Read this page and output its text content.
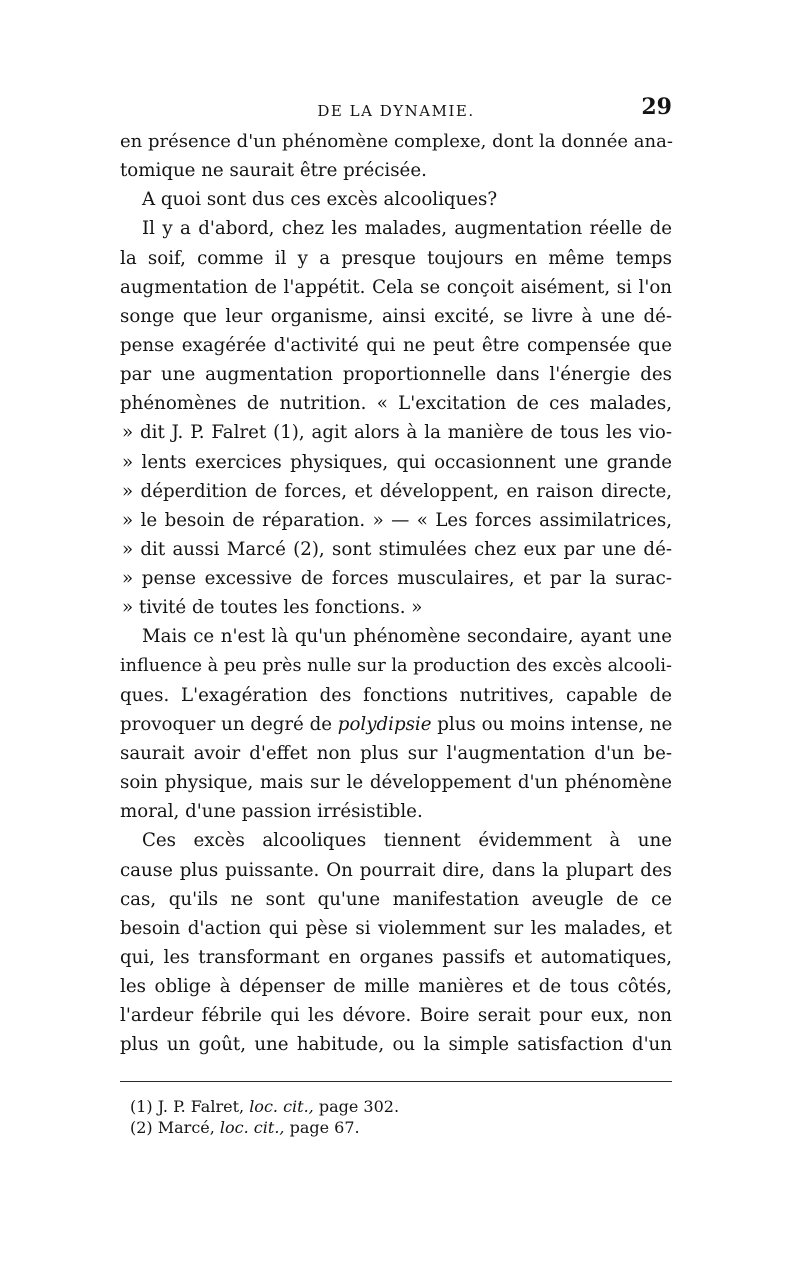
DE LA DYNAMIE.	29
en présence d'un phénomène complexe, dont la donnée ana-
tomique ne saurait être précisée.
A quoi sont dus ces excès alcooliques?
Il y a d'abord, chez les malades, augmentation réelle de
la soif, comme il y a presque toujours en même temps
augmentation de l'appétit. Cela se conçoit aisément, si l'on
songe que leur organisme, ainsi excité, se livre à une dé-
pense exagérée d'activité qui ne peut être compensée que
par une augmentation proportionnelle dans l'énergie des
phénomènes de nutrition. « L'excitation de ces malades,
» dit J. P. Falret (1), agit alors à la manière de tous les vio-
» lents exercices physiques, qui occasionnent une grande
» déperdition de forces, et développent, en raison directe,
» le besoin de réparation. » — « Les forces assimilatrices,
» dit aussi Marcé (2), sont stimulées chez eux par une dé-
» pense excessive de forces musculaires, et par la surac-
» tivité de toutes les fonctions. »
Mais ce n'est là qu'un phénomène secondaire, ayant une
influence à peu près nulle sur la production des excès alcooli-
ques. L'exagération des fonctions nutritives, capable de
provoquer un degré de polydipsie plus ou moins intense, ne
saurait avoir d'effet non plus sur l'augmentation d'un be-
soin physique, mais sur le développement d'un phénomène
moral, d'une passion irrésistible.
Ces excès alcooliques tiennent évidemment à une
cause plus puissante. On pourrait dire, dans la plupart des
cas, qu'ils ne sont qu'une manifestation aveugle de ce
besoin d'action qui pèse si violemment sur les malades, et
qui, les transformant en organes passifs et automatiques,
les oblige à dépenser de mille manières et de tous côtés,
l'ardeur fébrile qui les dévore. Boire serait pour eux, non
plus un goût, une habitude, ou la simple satisfaction d'un
(1) J. P. Falret, loc. cit., page 302.
(2) Marcé, loc. cit., page 67.
